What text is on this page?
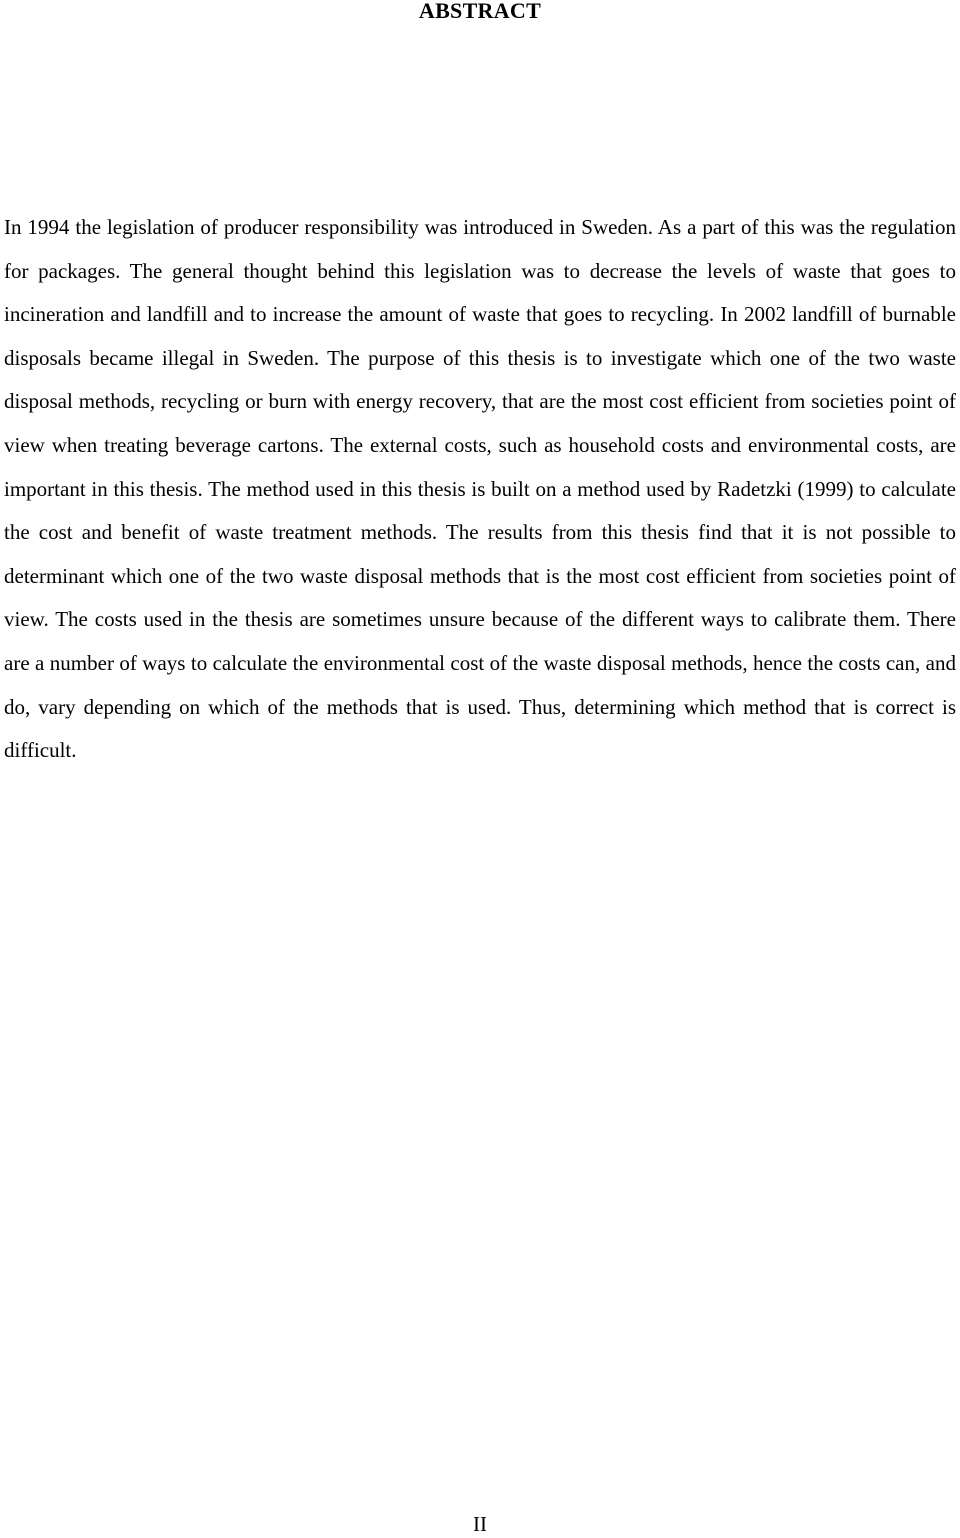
ABSTRACT

In 1994 the legislation of producer responsibility was introduced in Sweden. As a part of this was the regulation for packages. The general thought behind this legislation was to decrease the levels of waste that goes to incineration and landfill and to increase the amount of waste that goes to recycling. In 2002 landfill of burnable disposals became illegal in Sweden. The purpose of this thesis is to investigate which one of the two waste disposal methods, recycling or burn with energy recovery, that are the most cost efficient from societies point of view when treating beverage cartons. The external costs, such as household costs and environmental costs, are important in this thesis. The method used in this thesis is built on a method used by Radetzki (1999) to calculate the cost and benefit of waste treatment methods. The results from this thesis find that it is not possible to determinant which one of the two waste disposal methods that is the most cost efficient from societies point of view. The costs used in the thesis are sometimes unsure because of the different ways to calibrate them. There are a number of ways to calculate the environmental cost of the waste disposal methods, hence the costs can, and do, vary depending on which of the methods that is used. Thus, determining which method that is correct is difficult.

II
